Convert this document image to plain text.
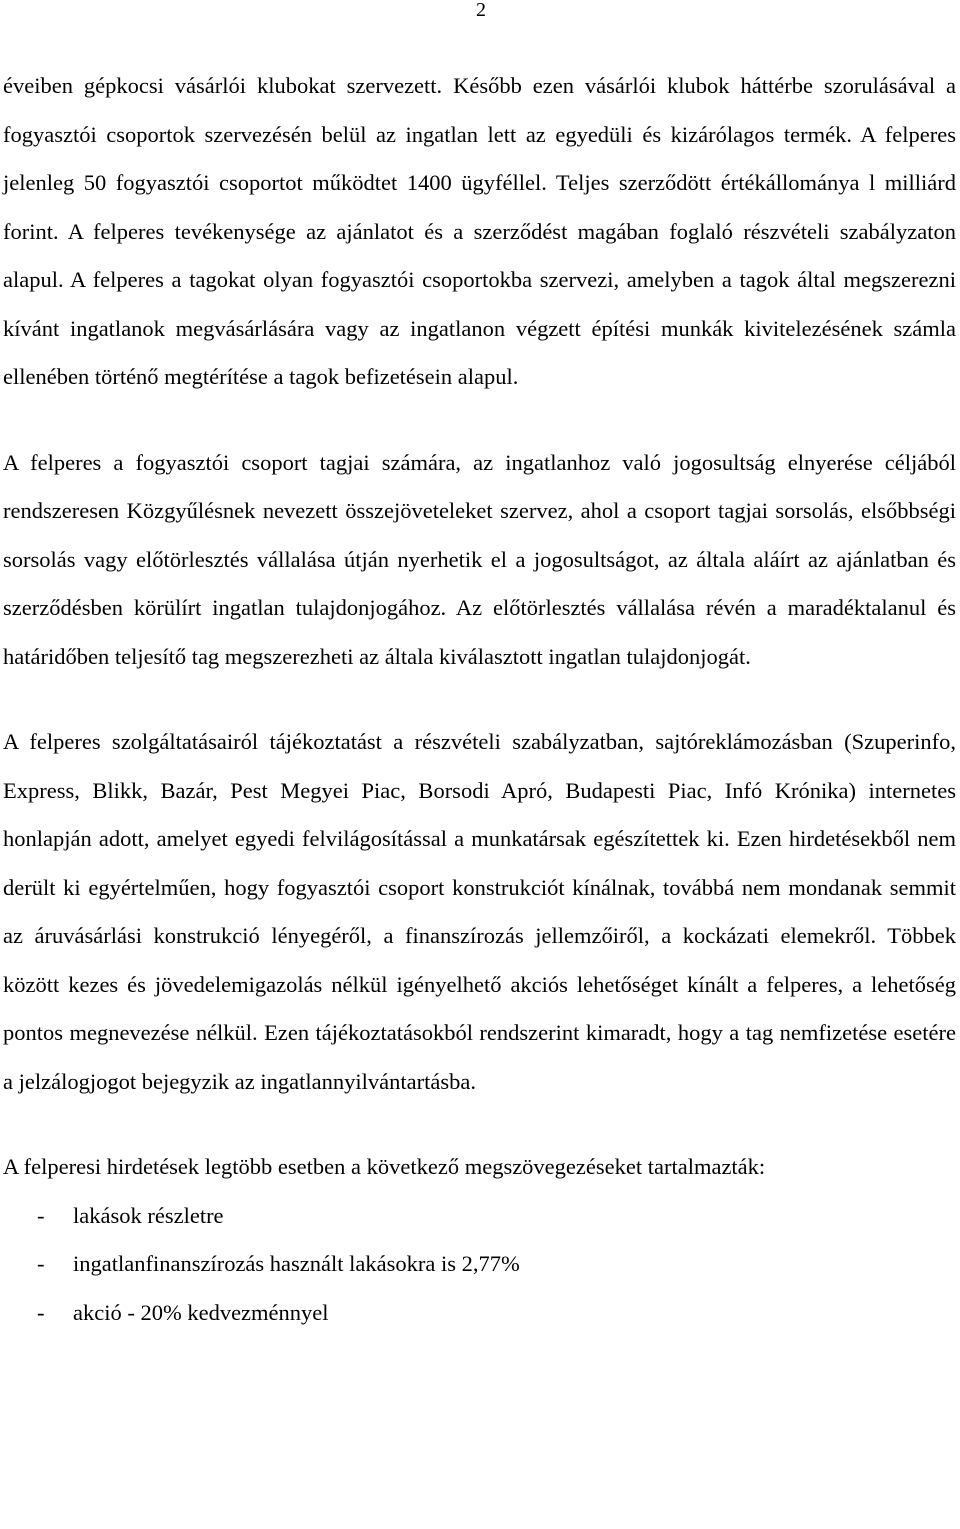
2

éveiben gépkocsi vásárlói klubokat szervezett. Később ezen vásárlói klubok háttérbe szorulásával a fogyasztói csoportok szervezésén belül az ingatlan lett az egyedüli és kizárólagos termék. A felperes jelenleg 50 fogyasztói csoportot működtet 1400 ügyféllel. Teljes szerződött értékállománya l milliárd forint. A felperes tevékenysége az ajánlatot és a szerződést magában foglaló részvételi szabályzaton alapul. A felperes a tagokat olyan fogyasztói csoportokba szervezi, amelyben a tagok által megszerezni kívánt ingatlanok megvásárlására vagy az ingatlanon végzett építési munkák kivitelezésének számla ellenében történő megtérítése a tagok befizetésein alapul.

A felperes a fogyasztói csoport tagjai számára, az ingatlanhoz való jogosultság elnyerése céljából rendszeresen Közgyűlésnek nevezett összejöveteleket szervez, ahol a csoport tagjai sorsolás, elsőbbségi sorsolás vagy előtörlesztés vállalása útján nyerhetik el a jogosultságot, az általa aláírt az ajánlatban és szerződésben körülírt ingatlan tulajdonjogához. Az előtörlesztés vállalása révén a maradéktalanul és határidőben teljesítő tag megszerezheti az általa kiválasztott ingatlan tulajdonjogát.

A felperes szolgáltatásairól tájékoztatást a részvételi szabályzatban, sajtóreklámozásban (Szuperinfo, Express, Blikk, Bazár, Pest Megyei Piac, Borsodi Apró, Budapesti Piac, Infó Krónika) internetes honlapján adott, amelyet egyedi felvilágosítással a munkatársak egészítettek ki. Ezen hirdetésekből nem derült ki egyértelműen, hogy fogyasztói csoport konstrukciót kínálnak, továbbá nem mondanak semmit az áruvásárlási konstrukció lényegéről, a finanszírozás jellemzőiről, a kockázati elemekről. Többek között kezes és jövedelemigazolás nélkül igényelhető akciós lehetőséget kínált a felperes, a lehetőség pontos megnevezése nélkül. Ezen tájékoztatásokból rendszerint kimaradt, hogy a tag nemfizetése esetére a jelzálogjogot bejegyzik az ingatlannyilvántartásba.

A felperesi hirdetések legtöbb esetben a következő megszövegezéseket tartalmazták:

-	lakások részletre
-	ingatlanfinanszírozás használt lakásokra is 2,77%
-	akció - 20% kedvezménnyel
